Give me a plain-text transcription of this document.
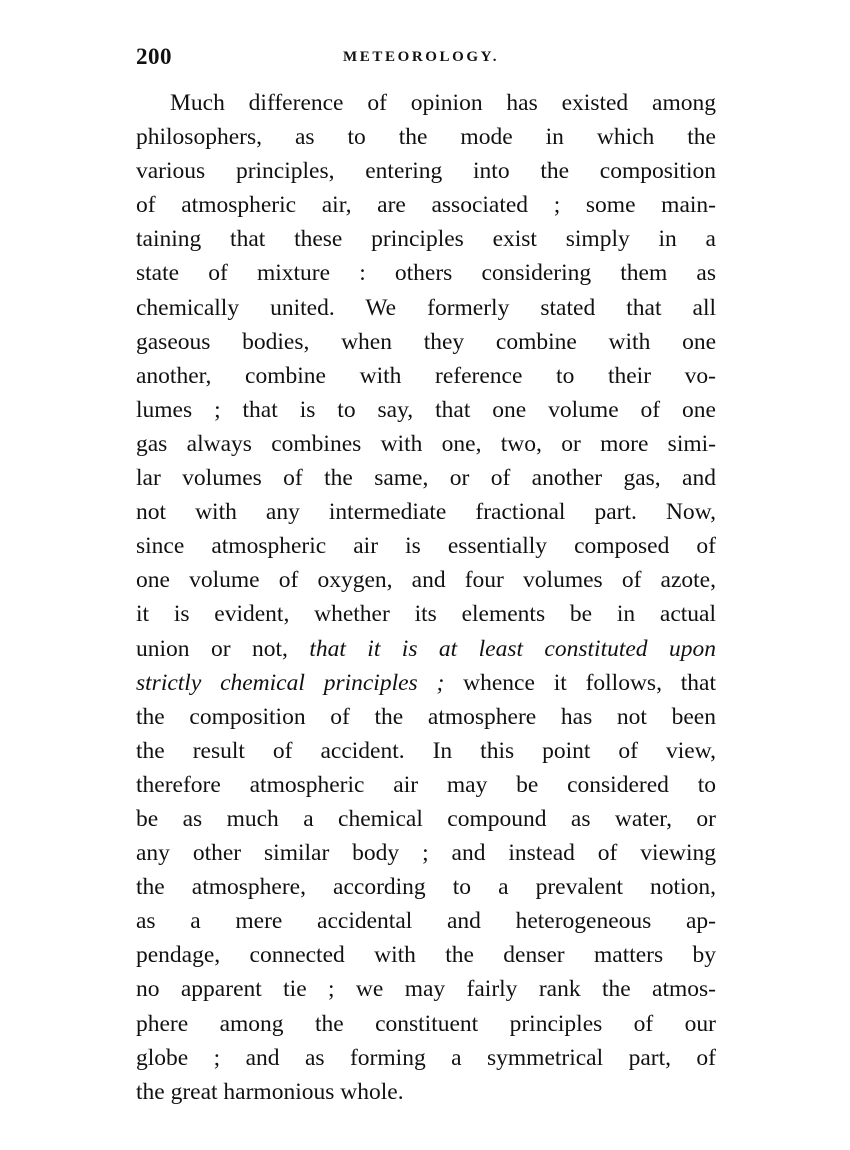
200	METEOROLOGY.
Much difference of opinion has existed among
philosophers, as to the mode in which the
various principles, entering into the composition
of atmospheric air, are associated ; some main-
taining that these principles exist simply in a
state of mixture : others considering them as
chemically united. We formerly stated that all
gaseous bodies, when they combine with one
another, combine with reference to their vo-
lumes ; that is to say, that one volume of one
gas always combines with one, two, or more simi-
lar volumes of the same, or of another gas, and
not with any intermediate fractional part. Now,
since atmospheric air is essentially composed of
one volume of oxygen, and four volumes of azote,
it is evident, whether its elements be in actual
union or not, that it is at least constituted upon
strictly chemical principles ; whence it follows, that
the composition of the atmosphere has not been
the result of accident. In this point of view,
therefore atmospheric air may be considered to
be as much a chemical compound as water, or
any other similar body ; and instead of viewing
the atmosphere, according to a prevalent notion,
as a mere accidental and heterogeneous ap-
pendage, connected with the denser matters by
no apparent tie ; we may fairly rank the atmos-
phere among the constituent principles of our
globe ; and as forming a symmetrical part, of
the great harmonious whole.
